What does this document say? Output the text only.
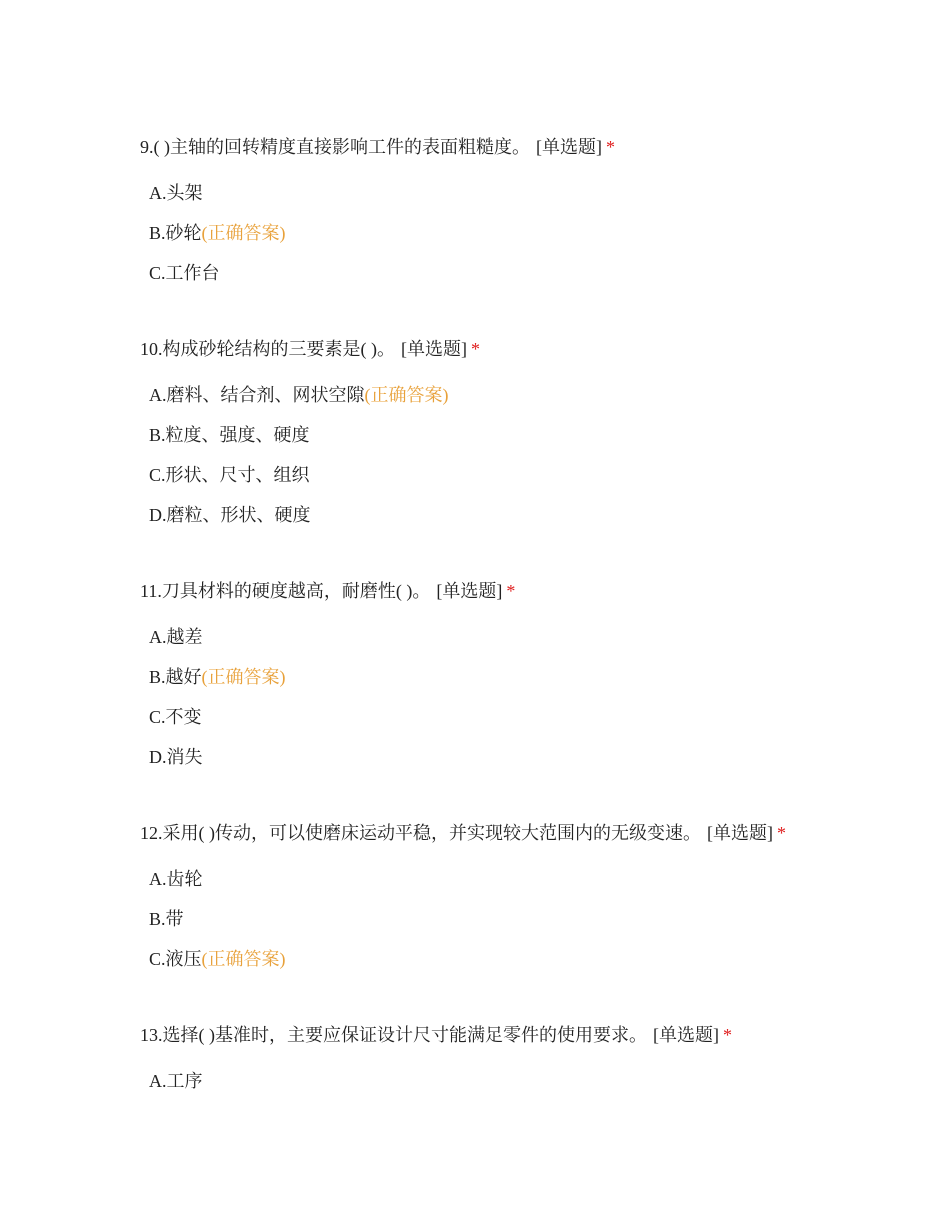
9.( )主轴的回转精度直接影响工件的表面粗糙度。 [单选题] *
A.头架
B.砂轮(正确答案)
C.工作台
10.构成砂轮结构的三要素是( )。 [单选题] *
A.磨料、结合剂、网状空隙(正确答案)
B.粒度、强度、硬度
C.形状、尺寸、组织
D.磨粒、形状、硬度
11.刀具材料的硬度越高，耐磨性( )。 [单选题] *
A.越差
B.越好(正确答案)
C.不变
D.消失
12.采用( )传动，可以使磨床运动平稳，并实现较大范围内的无级变速。 [单选题] *
A.齿轮
B.带
C.液压(正确答案)
13.选择( )基准时，主要应保证设计尺寸能满足零件的使用要求。 [单选题] *
A.工序
